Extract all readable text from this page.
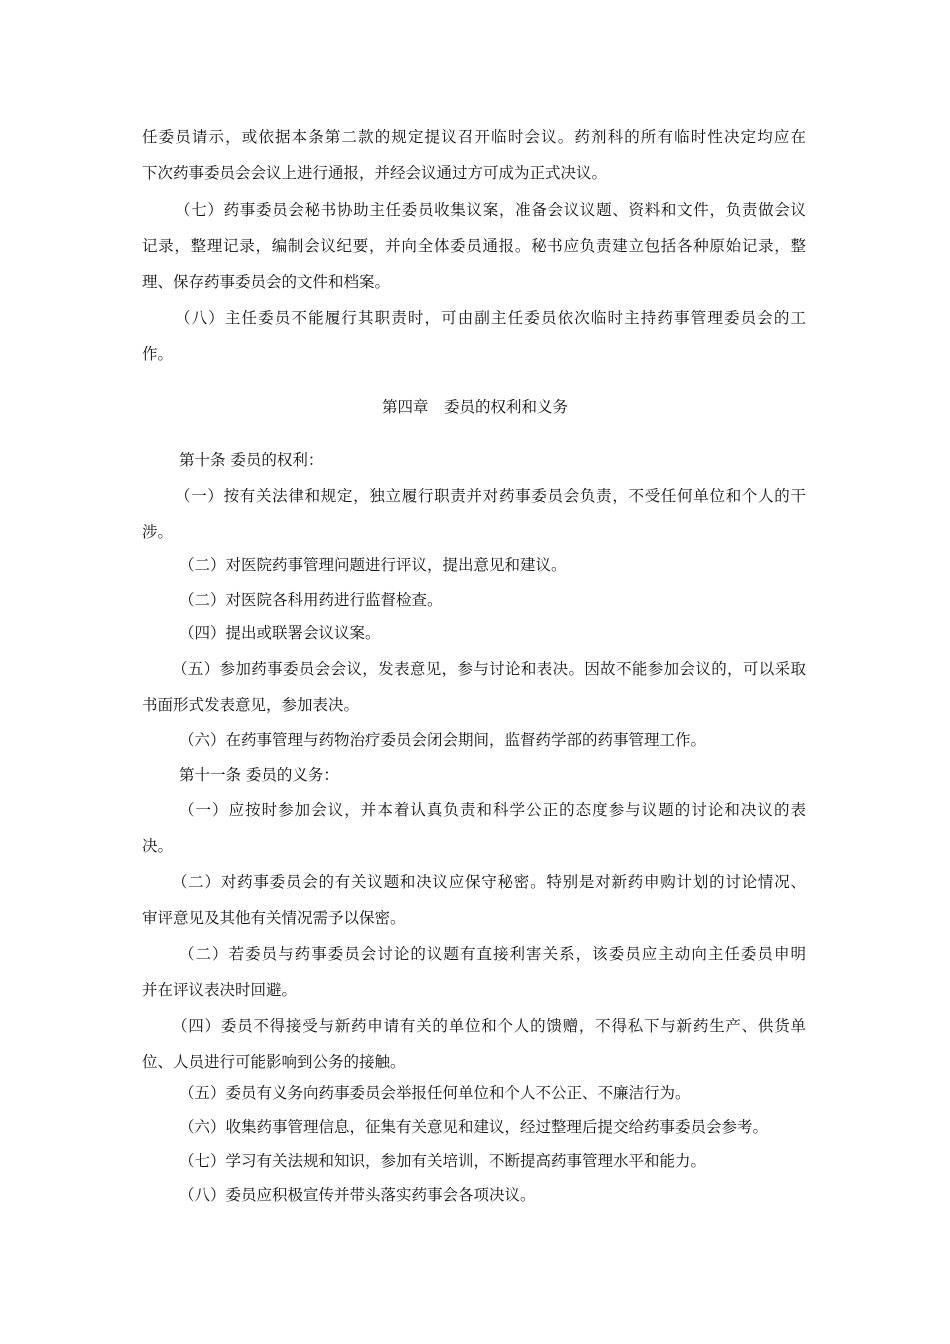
任委员请示，或依据本条第二款的规定提议召开临时会议。药剂科的所有临时性决定均应在
下次药事委员会会议上进行通报，并经会议通过方可成为正式决议。
（七）药事委员会秘书协助主任委员收集议案，准备会议议题、资料和文件，负责做会议
记录，整理记录，编制会议纪要，并向全体委员通报。秘书应负责建立包括各种原始记录，整
理、保存药事委员会的文件和档案。
（八）主任委员不能履行其职责时，可由副主任委员依次临时主持药事管理委员会的工
作。
第四章　委员的权利和义务
第十条 委员的权利：
（一）按有关法律和规定，独立履行职责并对药事委员会负责，不受任何单位和个人的干
涉。
（二）对医院药事管理问题进行评议，提出意见和建议。
（二）对医院各科用药进行监督检查。
（四）提出或联署会议议案。
（五）参加药事委员会会议，发表意见，参与讨论和表决。因故不能参加会议的，可以采取
书面形式发表意见，参加表决。
（六）在药事管理与药物治疗委员会闭会期间，监督药学部的药事管理工作。
第十一条 委员的义务：
（一）应按时参加会议，并本着认真负责和科学公正的态度参与议题的讨论和决议的表
决。
（二）对药事委员会的有关议题和决议应保守秘密。特别是对新药申购计划的讨论情况、
审评意见及其他有关情况需予以保密。
（二）若委员与药事委员会讨论的议题有直接利害关系，该委员应主动向主任委员申明
并在评议表决时回避。
（四）委员不得接受与新药申请有关的单位和个人的馈赠，不得私下与新药生产、供货单
位、人员进行可能影响到公务的接触。
（五）委员有义务向药事委员会举报任何单位和个人不公正、不廉洁行为。
（六）收集药事管理信息，征集有关意见和建议，经过整理后提交给药事委员会参考。
（七）学习有关法规和知识，参加有关培训，不断提高药事管理水平和能力。
（八）委员应积极宣传并带头落实药事会各项决议。
